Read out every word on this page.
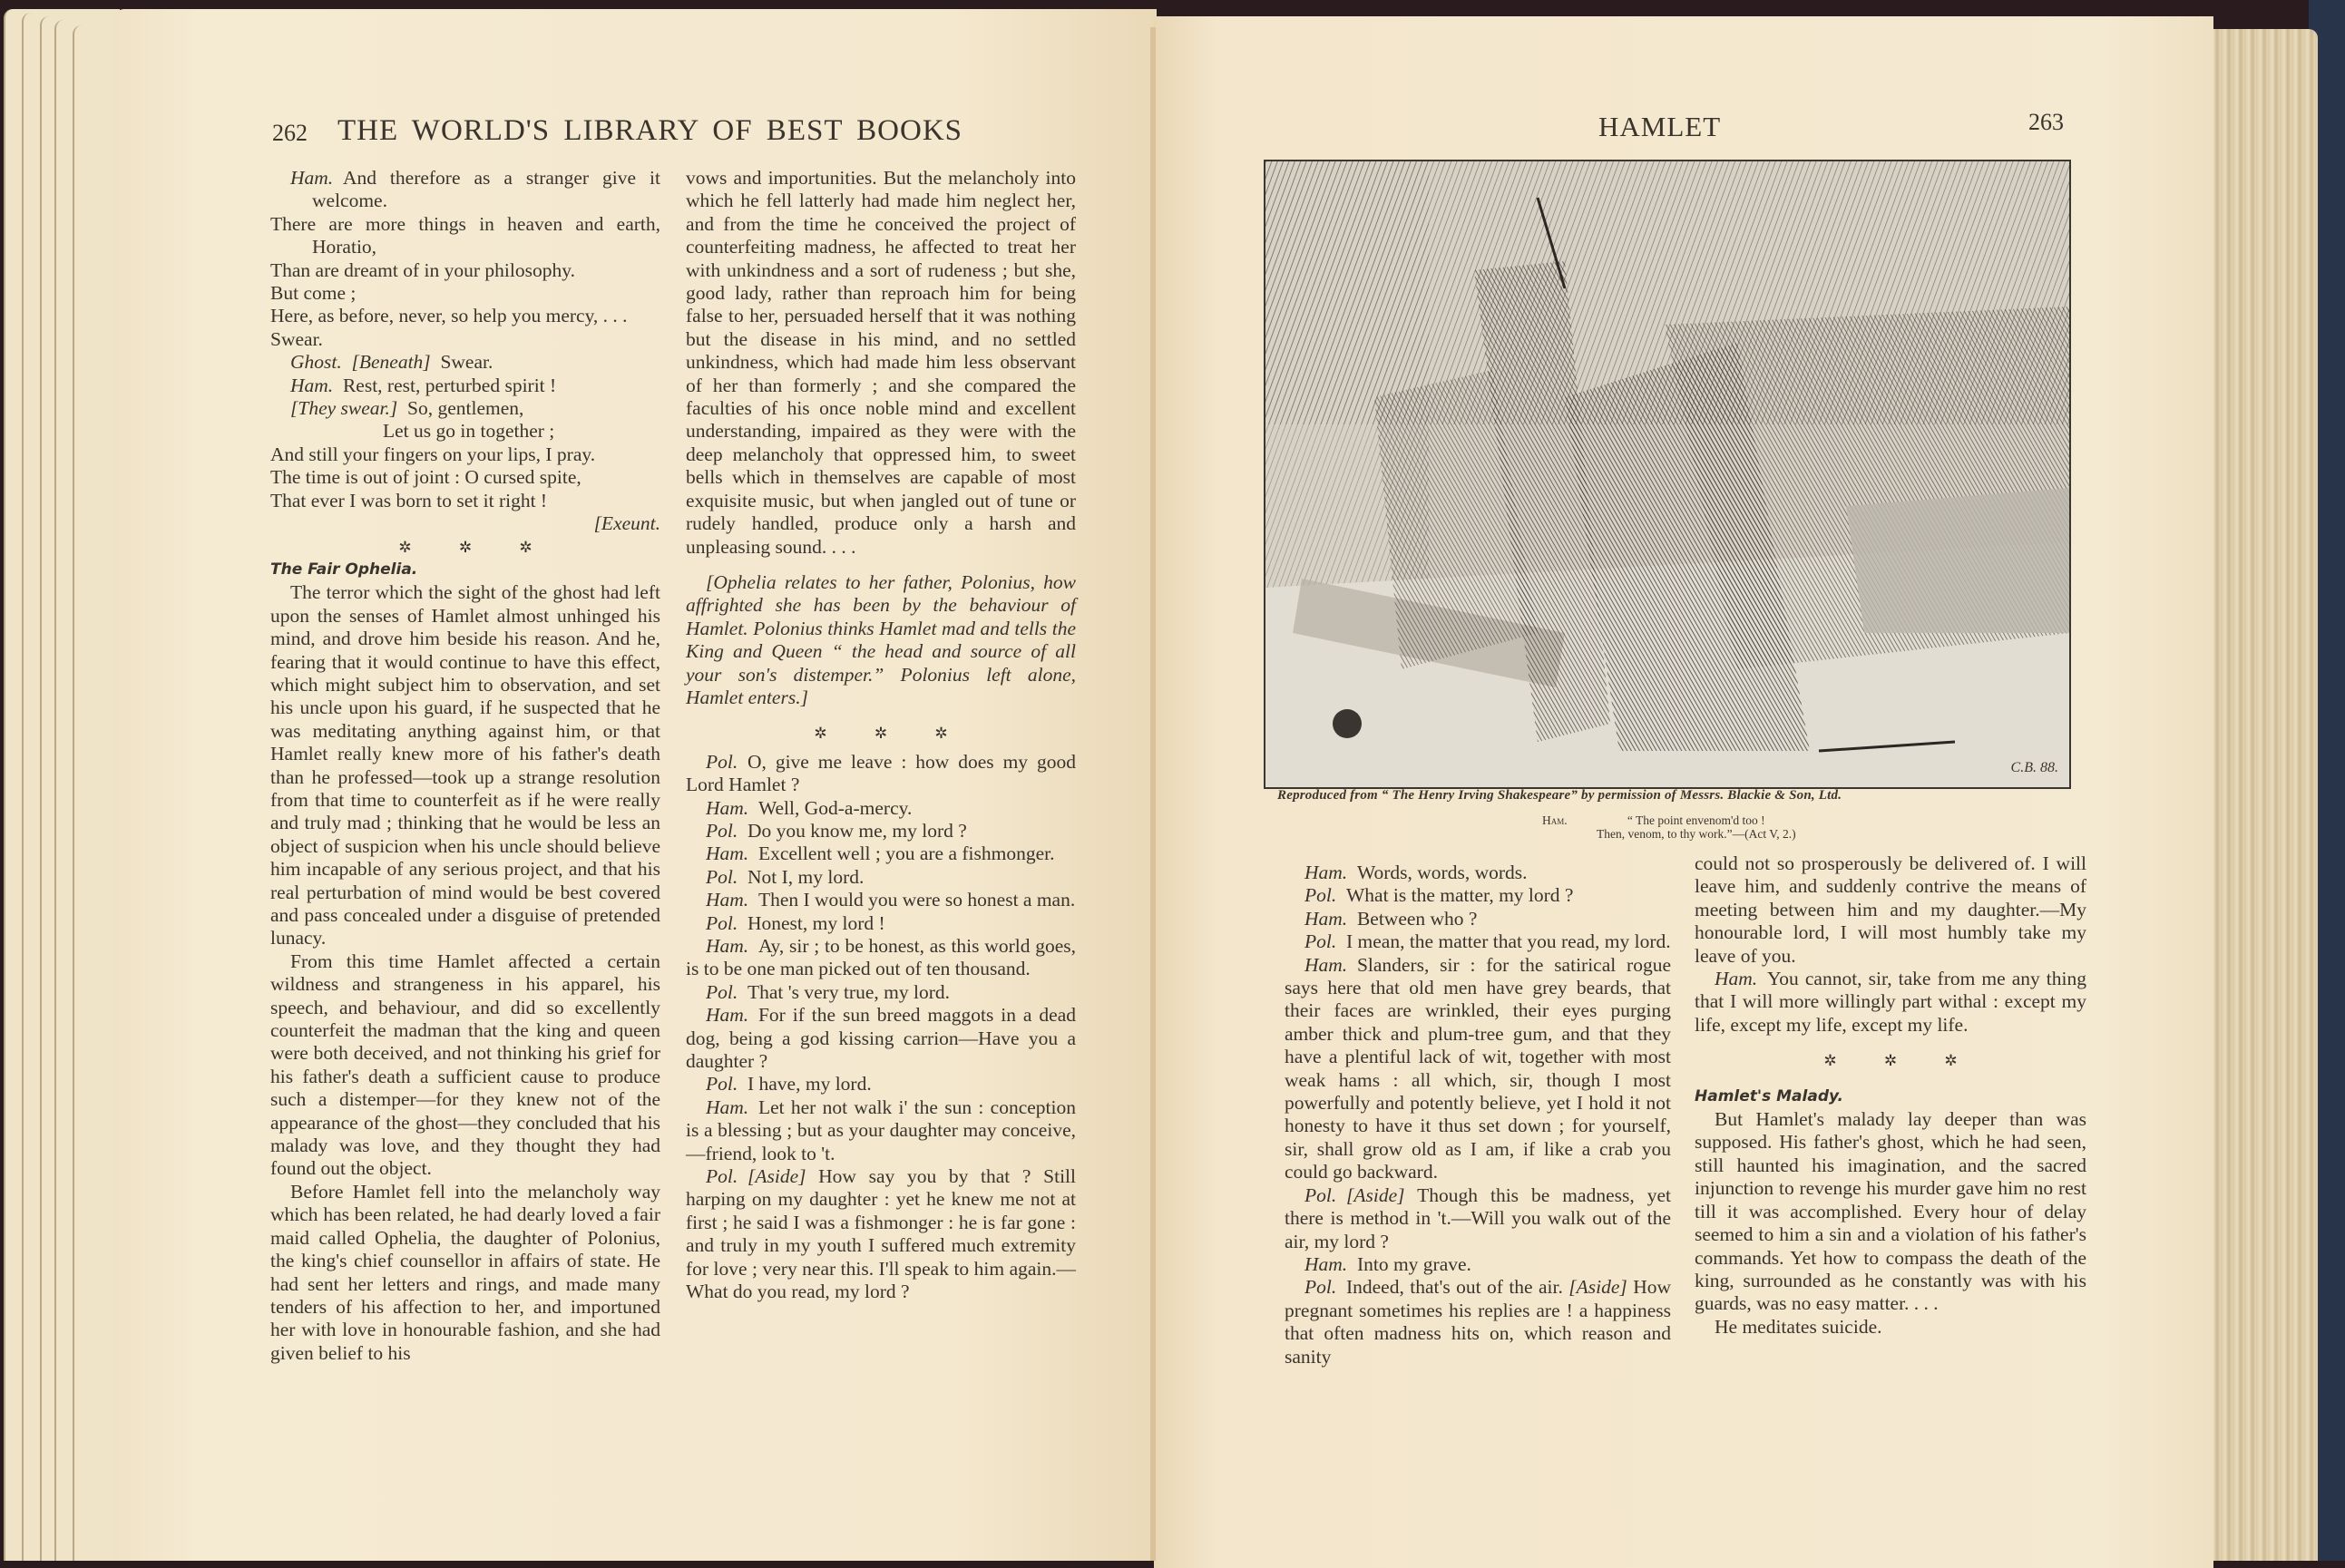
262 THE WORLD'S LIBRARY OF BEST BOOKS

Ham.  And therefore as a stranger give it welcome.

There are more things in heaven and earth, Horatio,

Than are dreamt of in your philosophy.

But come ;

Here, as before, never, so help you mercy, . . .

Swear.

Ghost.  [Beneath]  Swear.

Ham.  Rest, rest, perturbed spirit !

[They swear.]  So, gentlemen,

Let us go in together ;

And still your fingers on your lips, I pray.

The time is out of joint : O cursed spite,

That ever I was born to set it right !

[Exeunt.

✲ ✲ ✲

The Fair Ophelia.

The terror which the sight of the ghost had left upon the senses of Hamlet almost unhinged his mind, and drove him beside his reason. And he, fearing that it would continue to have this effect, which might subject him to observation, and set his uncle upon his guard, if he suspected that he was meditating anything against him, or that Hamlet really knew more of his father's death than he professed—took up a strange resolution from that time to counterfeit as if he were really and truly mad ; thinking that he would be less an object of suspicion when his uncle should believe him incapable of any serious project, and that his real perturbation of mind would be best covered and pass concealed under a disguise of pretended lunacy.

From this time Hamlet affected a certain wildness and strangeness in his apparel, his speech, and behaviour, and did so excellently counterfeit the madman that the king and queen were both deceived, and not thinking his grief for his father's death a sufficient cause to produce such a distemper—for they knew not of the appearance of the ghost—they concluded that his malady was love, and they thought they had found out the object.

Before Hamlet fell into the melancholy way which has been related, he had dearly loved a fair maid called Ophelia, the daughter of Polonius, the king's chief counsellor in affairs of state. He had sent her letters and rings, and made many tenders of his affection to her, and importuned her with love in honourable fashion, and she had given belief to his

vows and importunities. But the melancholy into which he fell latterly had made him neglect her, and from the time he conceived the project of counterfeiting madness, he affected to treat her with unkindness and a sort of rudeness ; but she, good lady, rather than reproach him for being false to her, persuaded herself that it was nothing but the disease in his mind, and no settled unkindness, which had made him less observant of her than formerly ; and she compared the faculties of his once noble mind and excellent understanding, impaired as they were with the deep melancholy that oppressed him, to sweet bells which in themselves are capable of most exquisite music, but when jangled out of tune or rudely handled, produce only a harsh and unpleasing sound. . . .

[Ophelia relates to her father, Polonius, how affrighted she has been by the behaviour of Hamlet. Polonius thinks Hamlet mad and tells the King and Queen “ the head and source of all your son's distemper.” Polonius left alone, Hamlet enters.]

✲ ✲ ✲

Pol.  O, give me leave : how does my good Lord Hamlet ?

Ham.  Well, God-a-mercy.

Pol.  Do you know me, my lord ?

Ham.  Excellent well ; you are a fishmonger.

Pol.  Not I, my lord.

Ham.  Then I would you were so honest a man.

Pol.  Honest, my lord !

Ham.  Ay, sir ; to be honest, as this world goes, is to be one man picked out of ten thousand.

Pol.  That 's very true, my lord.

Ham.  For if the sun breed maggots in a dead dog, being a god kissing carrion—Have you a daughter ?

Pol.  I have, my lord.

Ham.  Let her not walk i' the sun : conception is a blessing ; but as your daughter may conceive,—friend, look to 't.

Pol.  [Aside] How say you by that ? Still harping on my daughter : yet he knew me not at first ; he said I was a fishmonger : he is far gone : and truly in my youth I suffered much extremity for love ; very near this. I'll speak to him again.—What do you read, my lord ?

HAMLET	263
C.B. 88.
Reproduced from “ The Henry Irving Shakespeare” by permission of Messrs. Blackie & Son, Ltd.
Ham.	“ The point envenom'd too !
Then, venom, to thy work.”—(Act V, 2.)

Ham.  Words, words, words.

Pol.  What is the matter, my lord ?

Ham.  Between who ?

Pol.  I mean, the matter that you read, my lord.

Ham.  Slanders, sir : for the satirical rogue says here that old men have grey beards, that their faces are wrinkled, their eyes purging amber thick and plum-tree gum, and that they have a plentiful lack of wit, together with most weak hams : all which, sir, though I most powerfully and potently believe, yet I hold it not honesty to have it thus set down ; for yourself, sir, shall grow old as I am, if like a crab you could go backward.

Pol.  [Aside] Though this be madness, yet there is method in 't.—Will you walk out of the air, my lord ?

Ham.  Into my grave.

Pol.  Indeed, that's out of the air. [Aside] How pregnant sometimes his replies are ! a happiness that often madness hits on, which reason and sanity

could not so prosperously be delivered of. I will leave him, and suddenly contrive the means of meeting between him and my daughter.—My honourable lord, I will most humbly take my leave of you.

Ham.  You cannot, sir, take from me any thing that I will more willingly part withal : except my life, except my life, except my life.

✲ ✲ ✲

Hamlet's Malady.

But Hamlet's malady lay deeper than was supposed. His father's ghost, which he had seen, still haunted his imagination, and the sacred injunction to revenge his murder gave him no rest till it was accomplished. Every hour of delay seemed to him a sin and a violation of his father's commands. Yet how to compass the death of the king, surrounded as he constantly was with his guards, was no easy matter. . . .

He meditates suicide.
